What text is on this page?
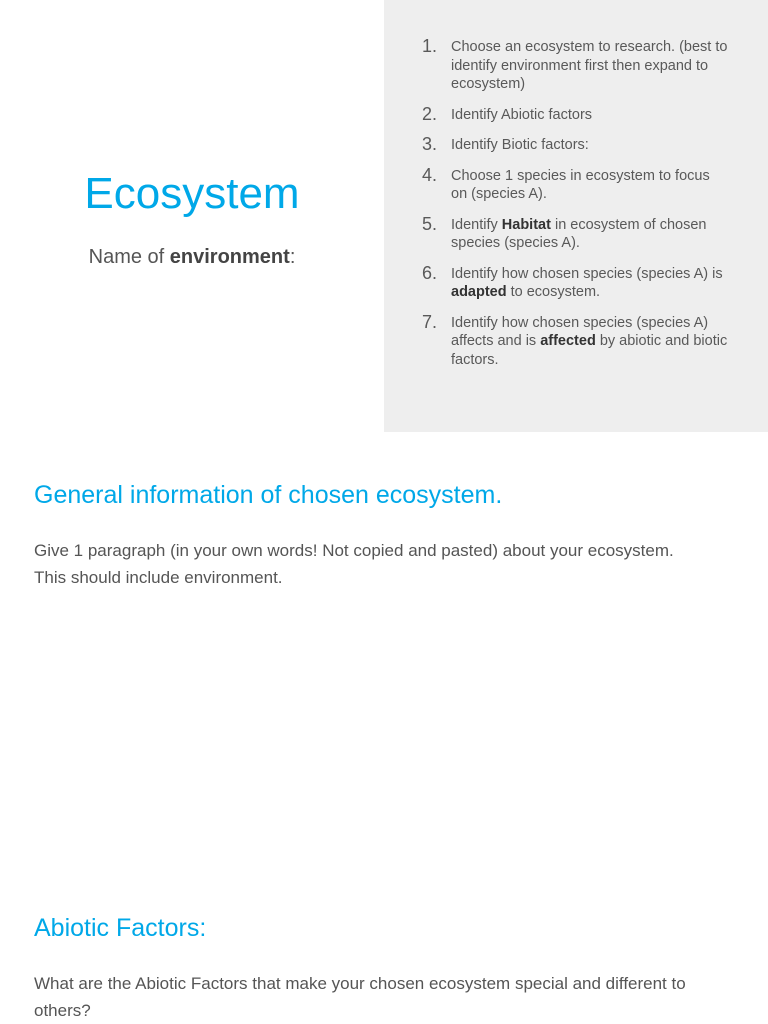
Ecosystem
Name of environment:
1. Choose an ecosystem to research. (best to identify environment first then expand to ecosystem)
2. Identify Abiotic factors
3. Identify Biotic factors:
4. Choose 1 species in ecosystem to focus on (species A).
5. Identify Habitat in ecosystem of chosen species (species A).
6. Identify how chosen species (species A) is adapted to ecosystem.
7. Identify how chosen species (species A) affects and is affected by abiotic and biotic factors.
General information of chosen ecosystem.

Give 1 paragraph (in your own words! Not copied and pasted) about your ecosystem. This should include environment.

Abiotic Factors:

What are the Abiotic Factors that make your chosen ecosystem special and different to others?
